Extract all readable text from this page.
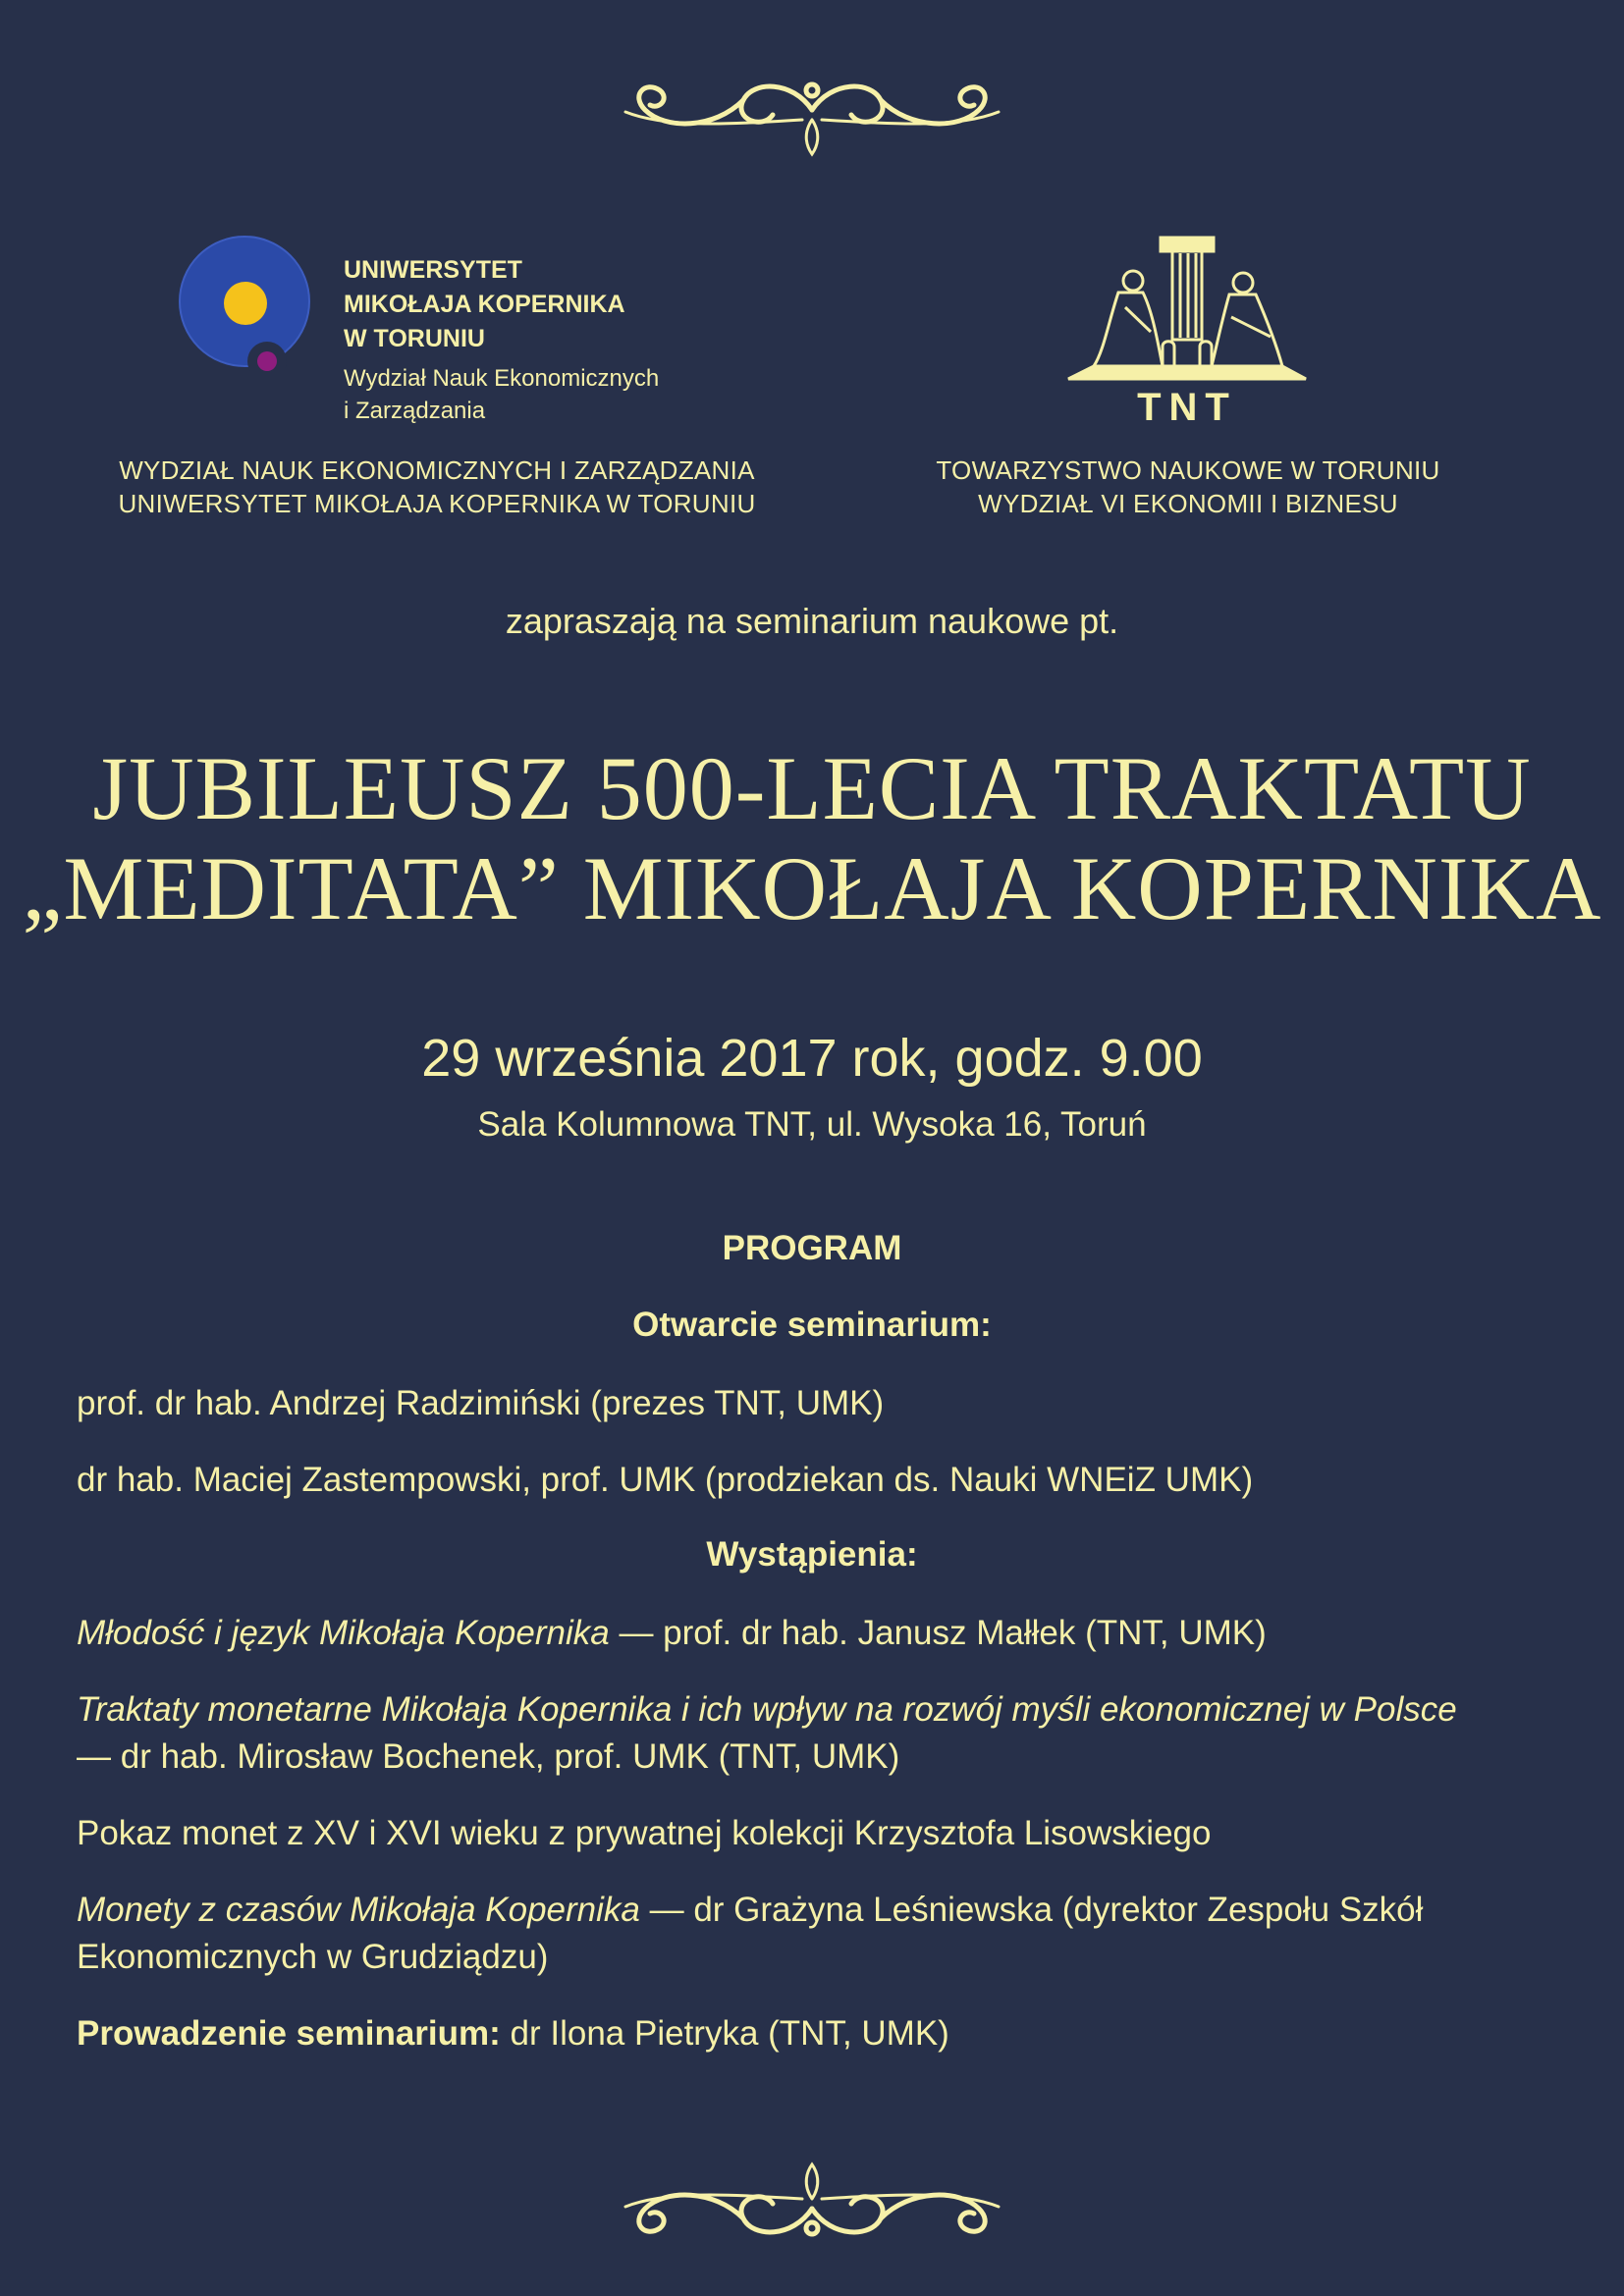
UNIWERSYTET
MIKOŁAJA KOPERNIKA
W TORUNIU
Wydział Nauk Ekonomicznych
i Zarządzania	TNT
WYDZIAŁ NAUK EKONOMICZNYCH I ZARZĄDZANIA
UNIWERSYTET MIKOŁAJA KOPERNIKA W TORUNIU
TOWARZYSTWO NAUKOWE W TORUNIU
WYDZIAŁ VI EKONOMII I BIZNESU
zapraszają na seminarium naukowe pt.
JUBILEUSZ 500-LECIA TRAKTATU
„MEDITATA” MIKOŁAJA KOPERNIKA
29 września 2017 rok, godz. 9.00
Sala Kolumnowa TNT, ul. Wysoka 16, Toruń
PROGRAM
Otwarcie seminarium:
prof. dr hab. Andrzej Radzimiński (prezes TNT, UMK)
dr hab. Maciej Zastempowski, prof. UMK (prodziekan ds. Nauki WNEiZ UMK)
Wystąpienia:
Młodość i język Mikołaja Kopernika — prof. dr hab. Janusz Małłek (TNT, UMK)
Traktaty monetarne Mikołaja Kopernika i ich wpływ na rozwój myśli ekonomicznej w Polsce
— dr hab. Mirosław Bochenek, prof. UMK (TNT, UMK)
Pokaz monet z XV i XVI wieku z prywatnej kolekcji Krzysztofa Lisowskiego
Monety z czasów Mikołaja Kopernika — dr Grażyna Leśniewska (dyrektor Zespołu Szkół Ekonomicznych w Grudziądzu)
Prowadzenie seminarium: dr Ilona Pietryka (TNT, UMK)
